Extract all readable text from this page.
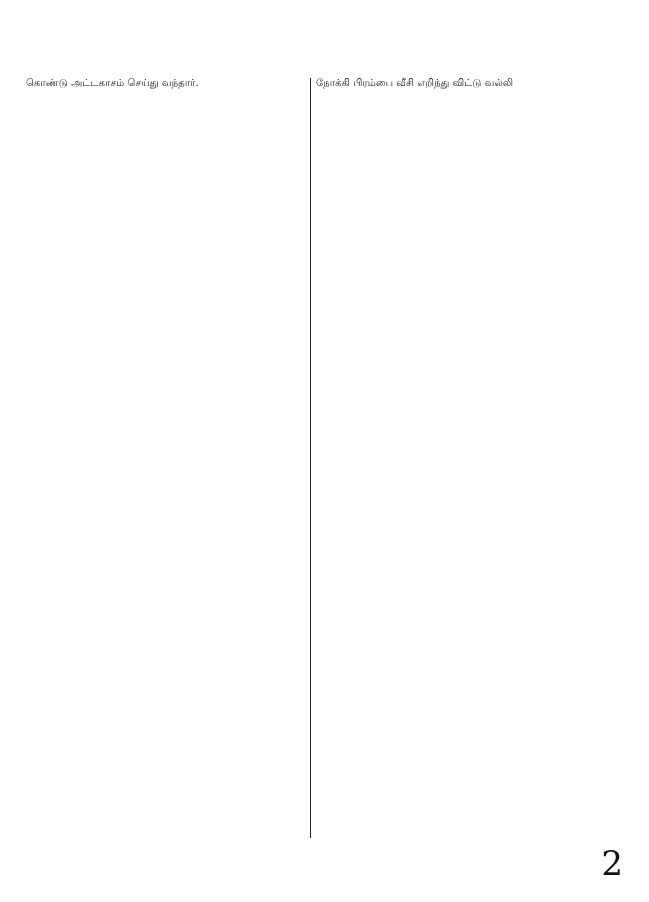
கொண்டு அட்டகாசம் செய்து வந்தார்.	நோக்கி பிரம்பை வீசி எறிந்து விட்டு வல்லி

2
